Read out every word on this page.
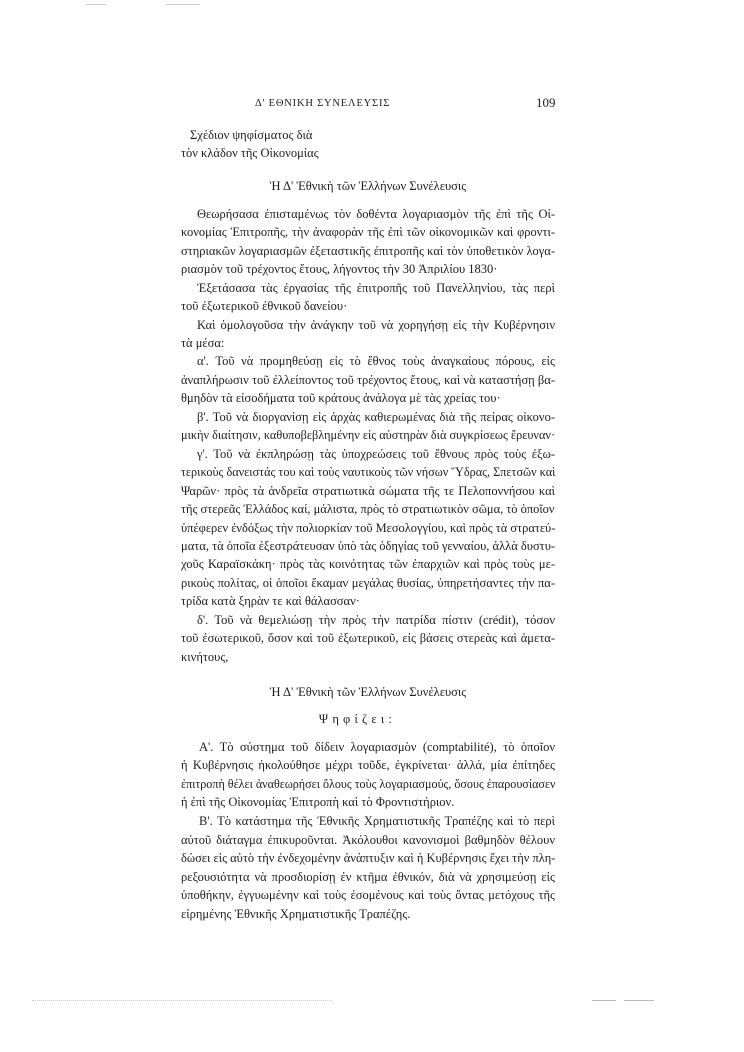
Δ' ΕΘΝΙΚΗ ΣΥΝΕΛΕΥΣΙΣ	109
Σχέδιον ψηφίσματος διὰ
τὸν κλάδον τῆς Οἰκονομίας
Ἡ Δ' Ἐθνικὴ τῶν Ἑλλήνων Συνέλευσις
Θεωρήσασα ἐπισταμένως τὸν δοθέντα λογαριασμὸν τῆς ἐπὶ τῆς Οἰ-
κονομίας Ἐπιτροπῆς, τὴν ἀναφορὰν τῆς ἐπὶ τῶν οἰκονομικῶν καὶ φροντι-
στηριακῶν λογαριασμῶν ἐξεταστικῆς ἐπιτροπῆς καὶ τὸν ὑποθετικὸν λογα-
ριασμὸν τοῦ τρέχοντος ἔτους, λήγοντος τὴν 30 Ἀπριλίου 1830·
Ἐξετάσασα τὰς ἐργασίας τῆς ἐπιτροπῆς τοῦ Πανελληνίου, τὰς περὶ
τοῦ ἐξωτερικοῦ ἐθνικοῦ δανείου·
Καὶ ὁμολογοῦσα τὴν ἀνάγκην τοῦ νὰ χορηγήσῃ εἰς τὴν Κυβέρνησιν
τὰ μέσα:
α'. Τοῦ νὰ προμηθεύσῃ εἰς τὸ ἔθνος τοὺς ἀναγκαίους πόρους, εἰς
ἀναπλήρωσιν τοῦ ἐλλείποντος τοῦ τρέχοντος ἔτους, καὶ νὰ καταστήσῃ βα-
θμηδὸν τὰ εἰσοδήματα τοῦ κράτους ἀνάλογα μὲ τὰς χρείας του·
β'. Τοῦ νὰ διοργανίσῃ εἰς ἀρχὰς καθιερωμένας διὰ τῆς πείρας οἰκονο-
μικὴν διαίτησιν, καθυποβεβλημένην εἰς αὐστηρὰν διὰ συγκρίσεως ἔρευναν·
γ'. Τοῦ νὰ ἐκπληρώσῃ τὰς ὑποχρεώσεις τοῦ ἔθνους πρὸς τοὺς ἐξω-
τερικοὺς δανειστάς του καὶ τοὺς ναυτικοὺς τῶν νήσων Ὕδρας, Σπετσῶν καὶ
Ψαρῶν· πρὸς τὰ ἀνδρεῖα στρατιωτικὰ σώματα τῆς τε Πελοποννήσου καὶ
τῆς στερεᾶς Ἑλλάδος καί, μάλιστα, πρὸς τὸ στρατιωτικὸν σῶμα, τὸ ὁποῖον
ὑπέφερεν ἐνδόξως τὴν πολιορκίαν τοῦ Μεσολογγίου, καὶ πρὸς τὰ στρατεύ-
ματα, τὰ ὁποῖα ἐξεστράτευσαν ὑπὸ τὰς ὁδηγίας τοῦ γενναίου, ἀλλὰ δυστυ-
χοῦς Καραϊσκάκη· πρὸς τὰς κοινότητας τῶν ἐπαρχιῶν καὶ πρὸς τοὺς με-
ρικοὺς πολίτας, οἱ ὁποῖοι ἔκαμαν μεγάλας θυσίας, ὑπηρετήσαντες τὴν πα-
τρίδα κατὰ ξηρὰν τε καὶ θάλασσαν·
δ'. Τοῦ νὰ θεμελιώσῃ τὴν πρὸς τὴν πατρίδα πίστιν (crédit), τόσον
τοῦ ἐσωτερικοῦ, ὅσον καὶ τοῦ ἐξωτερικοῦ, εἰς βάσεις στερεὰς καὶ ἀμετα-
κινήτους,
Ἡ Δ' Ἐθνικὴ τῶν Ἑλλήνων Συνέλευσις
Ψηφίζει:
Α'. Τὸ σύστημα τοῦ δίδειν λογαριασμὸν (comptabilité), τὸ ὁποῖον
ἡ Κυβέρνησις ἠκολούθησε μέχρι τοῦδε, ἐγκρίνεται· ἀλλά, μία ἐπίτηδες
ἐπιτροπὴ θέλει ἀναθεωρήσει ὅλους τοὺς λογαριασμούς, ὅσους ἐπαρουσίασεν
ἡ ἐπὶ τῆς Οἰκονομίας Ἐπιτροπὴ καὶ τὸ Φροντιστήριον.
Β'. Τὸ κατάστημα τῆς Ἐθνικῆς Χρηματιστικῆς Τραπέζης καὶ τὸ περὶ
αὐτοῦ διάταγμα ἐπικυροῦνται. Ἀκόλουθοι κανονισμοὶ βαθμηδὸν θέλουν
δώσει εἰς αὐτὸ τὴν ἐνδεχομένην ἀνάπτυξιν καὶ ἡ Κυβέρνησις ἔχει τὴν πλη-
ρεξουσιότητα νὰ προσδιορίσῃ ἐν κτῆμα ἐθνικόν, διὰ νὰ χρησιμεύσῃ εἰς
ὑποθήκην, ἐγγυωμένην καὶ τοὺς ἐσομένους καὶ τοὺς ὄντας μετόχους τῆς
εἰρημένης Ἐθνικῆς Χρηματιστικῆς Τραπέζης.
